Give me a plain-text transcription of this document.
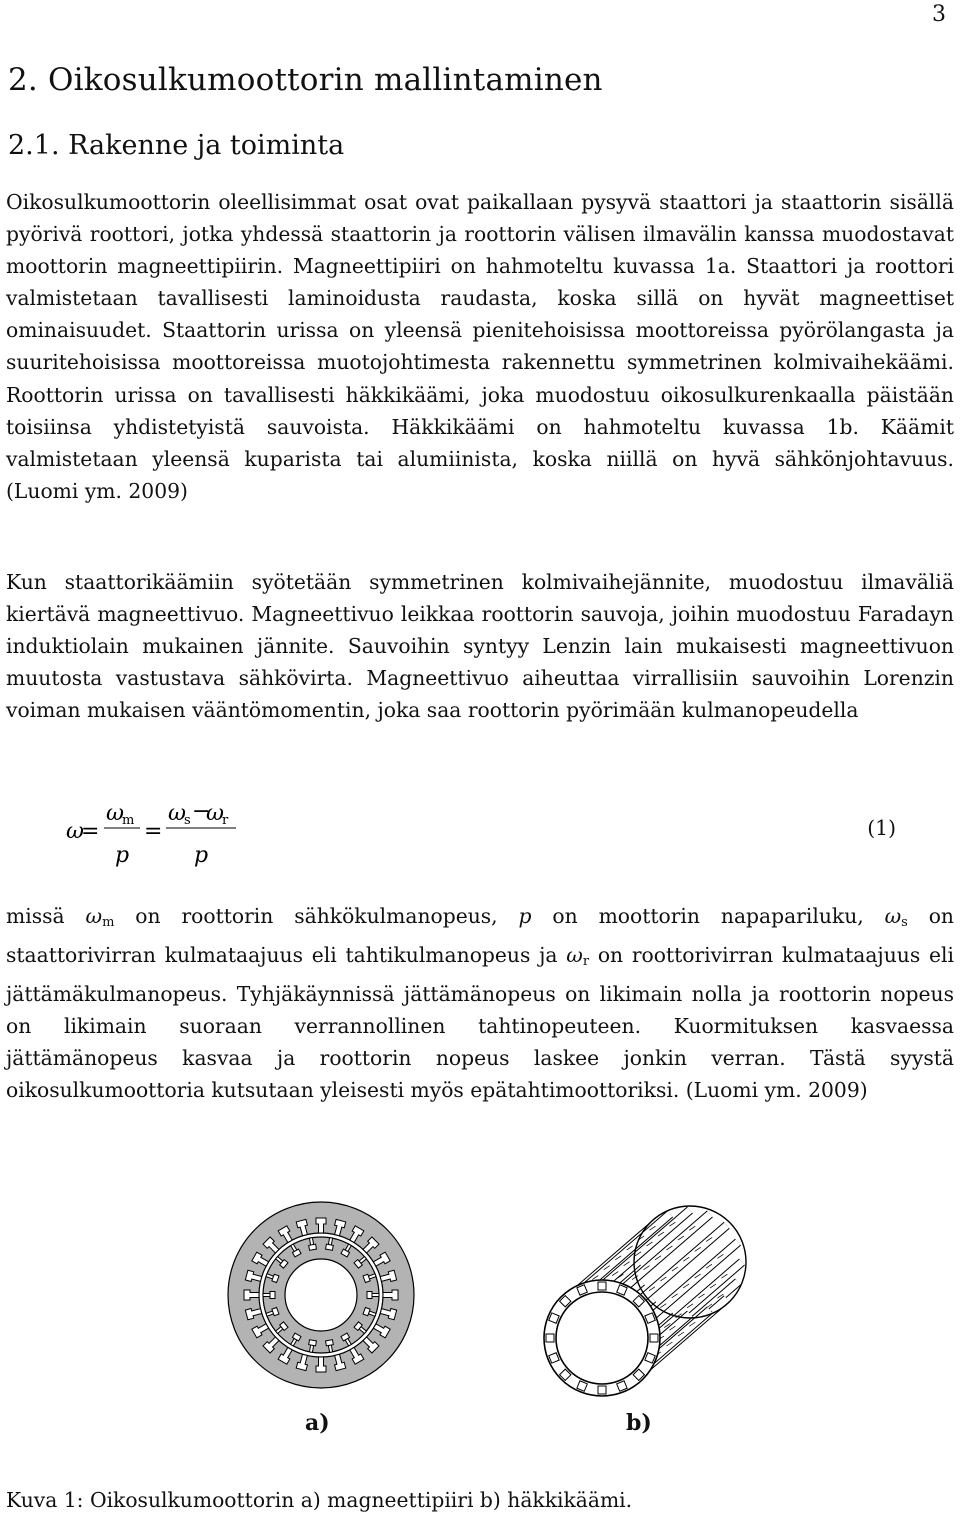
3
2. Oikosulkumoottorin mallintaminen
2.1. Rakenne ja toiminta

Oikosulkumoottorin oleellisimmat osat ovat paikallaan pysyvä staattori ja staattorin sisällä pyörivä roottori, jotka yhdessä staattorin ja roottorin välisen ilmavälin kanssa muodostavat moottorin magneettipiirin. Magneettipiiri on hahmoteltu kuvassa 1a. Staattori ja roottori valmistetaan tavallisesti laminoidusta raudasta, koska sillä on hyvät magneettiset ominaisuudet. Staattorin urissa on yleensä pienitehoisissa moottoreissa pyörölangasta ja suuritehoisissa moottoreissa muotojohtimesta rakennettu symmetrinen kolmivaihekäämi. Roottorin urissa on tavallisesti häkkikäämi, joka muodostuu oikosulkurenkaalla päistään toisiinsa yhdistetyistä sauvoista. Häkkikäämi on hahmoteltu kuvassa 1b. Käämit valmistetaan yleensä kuparista tai alumiinista, koska niillä on hyvä sähkönjohtavuus. (Luomi ym. 2009)

Kun staattorikäämiin syötetään symmetrinen kolmivaihejännite, muodostuu ilmaväliä kiertävä magneettivuo. Magneettivuo leikkaa roottorin sauvoja, joihin muodostuu Faradayn induktiolain mukainen jännite. Sauvoihin syntyy Lenzin lain mukaisesti magneettivuon muutosta vastustava sähkövirta. Magneettivuo aiheuttaa virrallisiin sauvoihin Lorenzin voiman mukaisen vääntömomentin, joka saa roottorin pyörimään kulmanopeudella

ω
=
ω
m
p
=
ω
s −
ω
r
p
(1)

missä ωm on roottorin sähkökulmanopeus, p on moottorin napapariluku, ωs on staattorivirran kulmataajuus eli tahtikulmanopeus ja ωr on roottorivirran kulmataajuus eli jättämäkulmanopeus. Tyhjäkäynnissä jättämänopeus on likimain nolla ja roottorin nopeus on likimain suoraan verrannollinen tahtinopeuteen. Kuormituksen kasvaessa jättämänopeus kasvaa ja roottorin nopeus laskee jonkin verran. Tästä syystä oikosulkumoottoria kutsutaan yleisesti myös epätahtimoottoriksi. (Luomi ym. 2009)

a)	b)
Kuva 1: Oikosulkumoottorin a) magneettipiiri b) häkkikäämi.
